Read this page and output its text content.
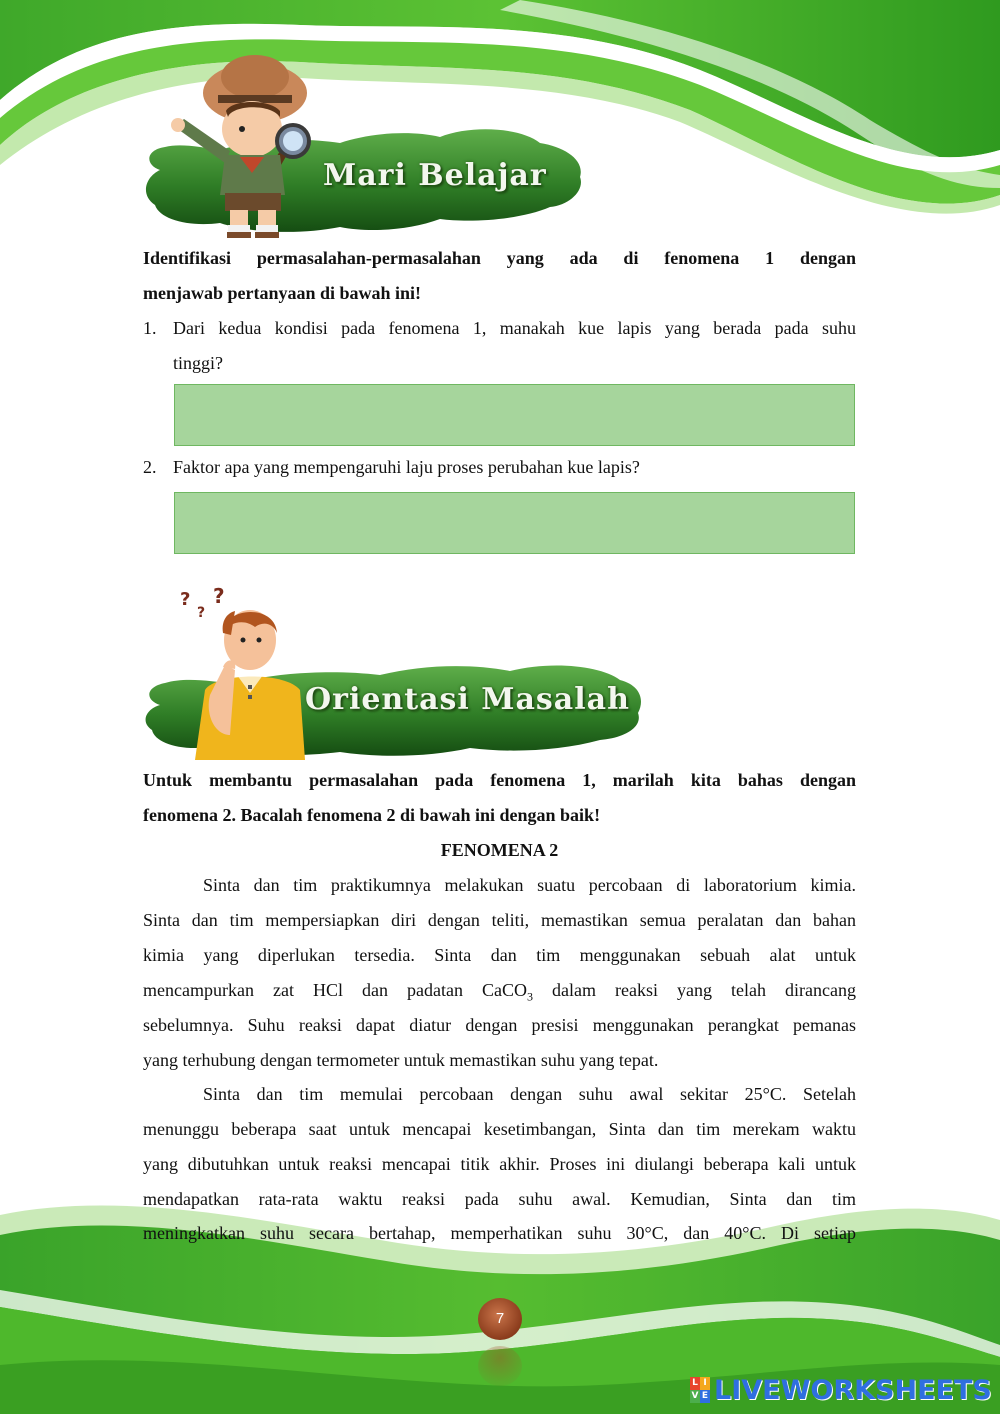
Mari Belajar
Identifikasi permasalahan-permasalahan yang ada di fenomena 1 dengan
menjawab pertanyaan di bawah ini!
1. Dari kedua kondisi pada fenomena 1, manakah kue lapis yang berada pada suhu
tinggi?
2. Faktor apa yang mempengaruhi laju proses perubahan kue lapis?
?
?
?
Orientasi Masalah
Untuk membantu permasalahan pada fenomena 1, marilah kita bahas dengan
fenomena 2. Bacalah fenomena 2 di bawah ini dengan baik!
FENOMENA 2
Sinta dan tim praktikumnya melakukan suatu percobaan di laboratorium kimia.
Sinta dan tim mempersiapkan diri dengan teliti, memastikan semua peralatan dan bahan
kimia yang diperlukan tersedia. Sinta dan tim menggunakan sebuah alat untuk
mencampurkan zat HCl dan padatan CaCO$_3$ dalam reaksi yang telah dirancang
sebelumnya. Suhu reaksi dapat diatur dengan presisi menggunakan perangkat pemanas
yang terhubung dengan termometer untuk memastikan suhu yang tepat.
Sinta dan tim memulai percobaan dengan suhu awal sekitar 25°C. Setelah
menunggu beberapa saat untuk mencapai kesetimbangan, Sinta dan tim merekam waktu
yang dibutuhkan untuk reaksi mencapai titik akhir. Proses ini diulangi beberapa kali untuk
mendapatkan rata-rata waktu reaksi pada suhu awal. Kemudian, Sinta dan tim
meningkatkan suhu secara bertahap, memperhatikan suhu 30°C, dan 40°C. Di setiap
7
L I
V E LIVEWORKSHEETS
